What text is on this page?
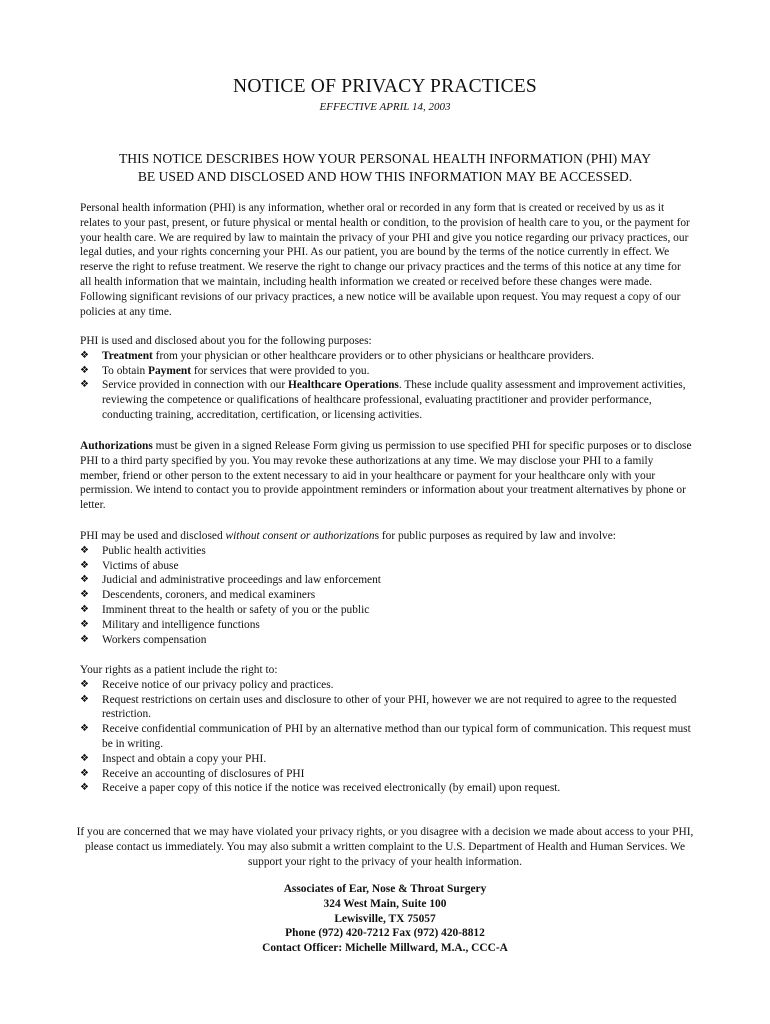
NOTICE OF PRIVACY PRACTICES
EFFECTIVE APRIL 14, 2003
THIS NOTICE DESCRIBES HOW YOUR PERSONAL HEALTH INFORMATION (PHI) MAY
BE USED AND DISCLOSED AND HOW THIS INFORMATION MAY BE ACCESSED.

Personal health information (PHI) is any information, whether oral or recorded in any form that is created or received by us as it relates to your past, present, or future physical or mental health or condition, to the provision of health care to you, or the payment for your health care. We are required by law to maintain the privacy of your PHI and give you notice regarding our privacy practices, our legal duties, and your rights concerning your PHI. As our patient, you are bound by the terms of the notice currently in effect. We reserve the right to refuse treatment. We reserve the right to change our privacy practices and the terms of this notice at any time for all health information that we maintain, including health information we created or received before these changes were made. Following significant revisions of our privacy practices, a new notice will be available upon request. You may request a copy of our policies at any time.

PHI is used and disclosed about you for the following purposes:

❖	Treatment from your physician or other healthcare providers or to other physicians or healthcare providers.
❖	To obtain Payment for services that were provided to you.
❖	Service provided in connection with our Healthcare Operations. These include quality assessment and improvement activities, reviewing the competence or qualifications of healthcare professional, evaluating practitioner and provider performance, conducting training, accreditation, certification, or licensing activities.

Authorizations must be given in a signed Release Form giving us permission to use specified PHI for specific purposes or to disclose PHI to a third party specified by you. You may revoke these authorizations at any time. We may disclose your PHI to a family member, friend or other person to the extent necessary to aid in your healthcare or payment for your healthcare only with your permission. We intend to contact you to provide appointment reminders or information about your treatment alternatives by phone or letter.

PHI may be used and disclosed without consent or authorizations for public purposes as required by law and involve:

❖	Public health activities
❖	Victims of abuse
❖	Judicial and administrative proceedings and law enforcement
❖	Descendents, coroners, and medical examiners
❖	Imminent threat to the health or safety of you or the public
❖	Military and intelligence functions
❖	Workers compensation

Your rights as a patient include the right to:

❖	Receive notice of our privacy policy and practices.
❖	Request restrictions on certain uses and disclosure to other of your PHI, however we are not required to agree to the requested restriction.
❖	Receive confidential communication of PHI by an alternative method than our typical form of communication. This request must be in writing.
❖	Inspect and obtain a copy your PHI.
❖	Receive an accounting of disclosures of PHI
❖	Receive a paper copy of this notice if the notice was received electronically (by email) upon request.

If you are concerned that we may have violated your privacy rights, or you disagree with a decision we made about access to your PHI, please contact us immediately. You may also submit a written complaint to the U.S. Department of Health and Human Services. We support your right to the privacy of your health information.

Associates of Ear, Nose & Throat Surgery
324 West Main, Suite 100
Lewisville, TX 75057
Phone (972) 420-7212 Fax (972) 420-8812
Contact Officer: Michelle Millward, M.A., CCC-A
